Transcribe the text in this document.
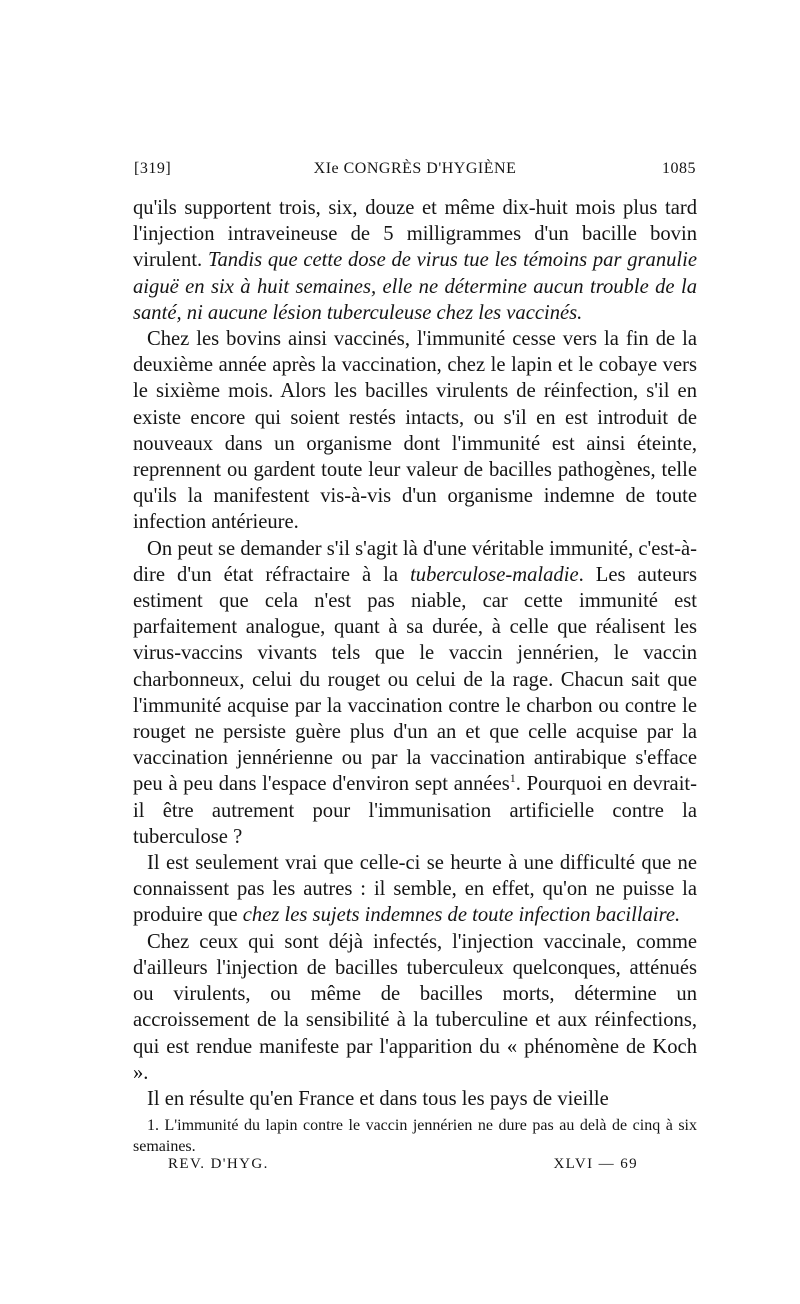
[319]	XIe CONGRÈS D'HYGIÈNE	1085

qu'ils supportent trois, six, douze et même dix-huit mois plus tard l'injection intraveineuse de 5 milligrammes d'un bacille bovin virulent. Tandis que cette dose de virus tue les témoins par granulie aiguë en six à huit semaines, elle ne détermine aucun trouble de la santé, ni aucune lésion tuberculeuse chez les vaccinés.

Chez les bovins ainsi vaccinés, l'immunité cesse vers la fin de la deuxième année après la vaccination, chez le lapin et le cobaye vers le sixième mois. Alors les bacilles virulents de réinfection, s'il en existe encore qui soient restés intacts, ou s'il en est introduit de nouveaux dans un organisme dont l'immunité est ainsi éteinte, reprennent ou gardent toute leur valeur de bacilles pathogènes, telle qu'ils la manifestent vis-à-vis d'un organisme indemne de toute infection antérieure.

On peut se demander s'il s'agit là d'une véritable immunité, c'est-à-dire d'un état réfractaire à la tuberculose-maladie. Les auteurs estiment que cela n'est pas niable, car cette immunité est parfaitement analogue, quant à sa durée, à celle que réalisent les virus-vaccins vivants tels que le vaccin jennérien, le vaccin charbonneux, celui du rouget ou celui de la rage. Chacun sait que l'immunité acquise par la vaccination contre le charbon ou contre le rouget ne persiste guère plus d'un an et que celle acquise par la vaccination jennérienne ou par la vaccination antirabique s'efface peu à peu dans l'espace d'environ sept années$^1$. Pourquoi en devrait-il être autrement pour l'immunisation artificielle contre la tuberculose ?

Il est seulement vrai que celle-ci se heurte à une difficulté que ne connaissent pas les autres : il semble, en effet, qu'on ne puisse la produire que chez les sujets indemnes de toute infection bacillaire.

Chez ceux qui sont déjà infectés, l'injection vaccinale, comme d'ailleurs l'injection de bacilles tuberculeux quelconques, atténués ou virulents, ou même de bacilles morts, détermine un accroissement de la sensibilité à la tuberculine et aux réinfections, qui est rendue manifeste par l'apparition du « phénomène de Koch ».

Il en résulte qu'en France et dans tous les pays de vieille

1. L'immunité du lapin contre le vaccin jennérien ne dure pas au delà de cinq à six semaines.

REV. D'HYG.	XLVI — 69
